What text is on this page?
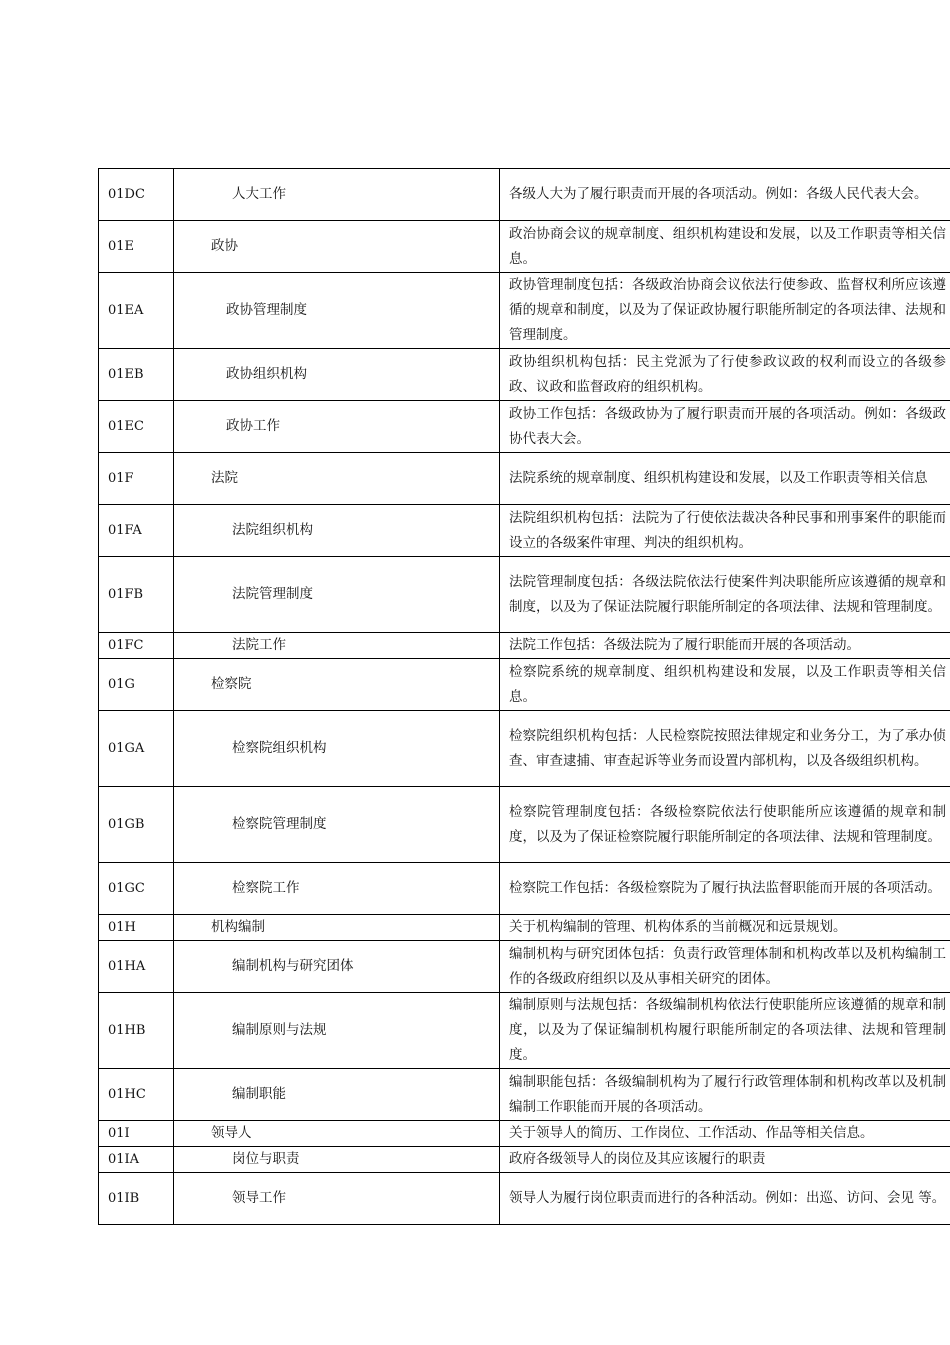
01DC	人大工作	各级人大为了履行职责而开展的各项活动。例如：各级人民代表大会。
01E	政协	政治协商会议的规章制度、组织机构建设和发展，以及工作职责等相关信息。
01EA	政协管理制度	政协管理制度包括：各级政治协商会议依法行使参政、监督权利所应该遵循的规章和制度，以及为了保证政协履行职能所制定的各项法律、法规和管理制度。
01EB	政协组织机构	政协组织机构包括：民主党派为了行使参政议政的权利而设立的各级参政、议政和监督政府的组织机构。
01EC	政协工作	政协工作包括：各级政协为了履行职责而开展的各项活动。例如：各级政协代表大会。
01F	法院	法院系统的规章制度、组织机构建设和发展，以及工作职责等相关信息
01FA	法院组织机构	法院组织机构包括：法院为了行使依法裁决各种民事和刑事案件的职能而设立的各级案件审理、判决的组织机构。
01FB	法院管理制度	法院管理制度包括：各级法院依法行使案件判决职能所应该遵循的规章和制度，以及为了保证法院履行职能所制定的各项法律、法规和管理制度。
01FC	法院工作	法院工作包括：各级法院为了履行职能而开展的各项活动。
01G	检察院	检察院系统的规章制度、组织机构建设和发展，以及工作职责等相关信息。
01GA	检察院组织机构	检察院组织机构包括：人民检察院按照法律规定和业务分工，为了承办侦查、审查逮捕、审查起诉等业务而设置内部机构，以及各级组织机构。
01GB	检察院管理制度	检察院管理制度包括：各级检察院依法行使职能所应该遵循的规章和制度，以及为了保证检察院履行职能所制定的各项法律、法规和管理制度。
01GC	检察院工作	检察院工作包括：各级检察院为了履行执法监督职能而开展的各项活动。
01H	机构编制	关于机构编制的管理、机构体系的当前概况和远景规划。
01HA	编制机构与研究团体	编制机构与研究团体包括：负责行政管理体制和机构改革以及机构编制工作的各级政府组织以及从事相关研究的团体。
01HB	编制原则与法规	编制原则与法规包括：各级编制机构依法行使职能所应该遵循的规章和制度，以及为了保证编制机构履行职能所制定的各项法律、法规和管理制度。
01HC	编制职能	编制职能包括：各级编制机构为了履行行政管理体制和机构改革以及机制编制工作职能而开展的各项活动。
01I	领导人	关于领导人的简历、工作岗位、工作活动、作品等相关信息。
01IA	岗位与职责	政府各级领导人的岗位及其应该履行的职责
01IB	领导工作	领导人为履行岗位职责而进行的各种活动。例如：出巡、访问、会见 等。
